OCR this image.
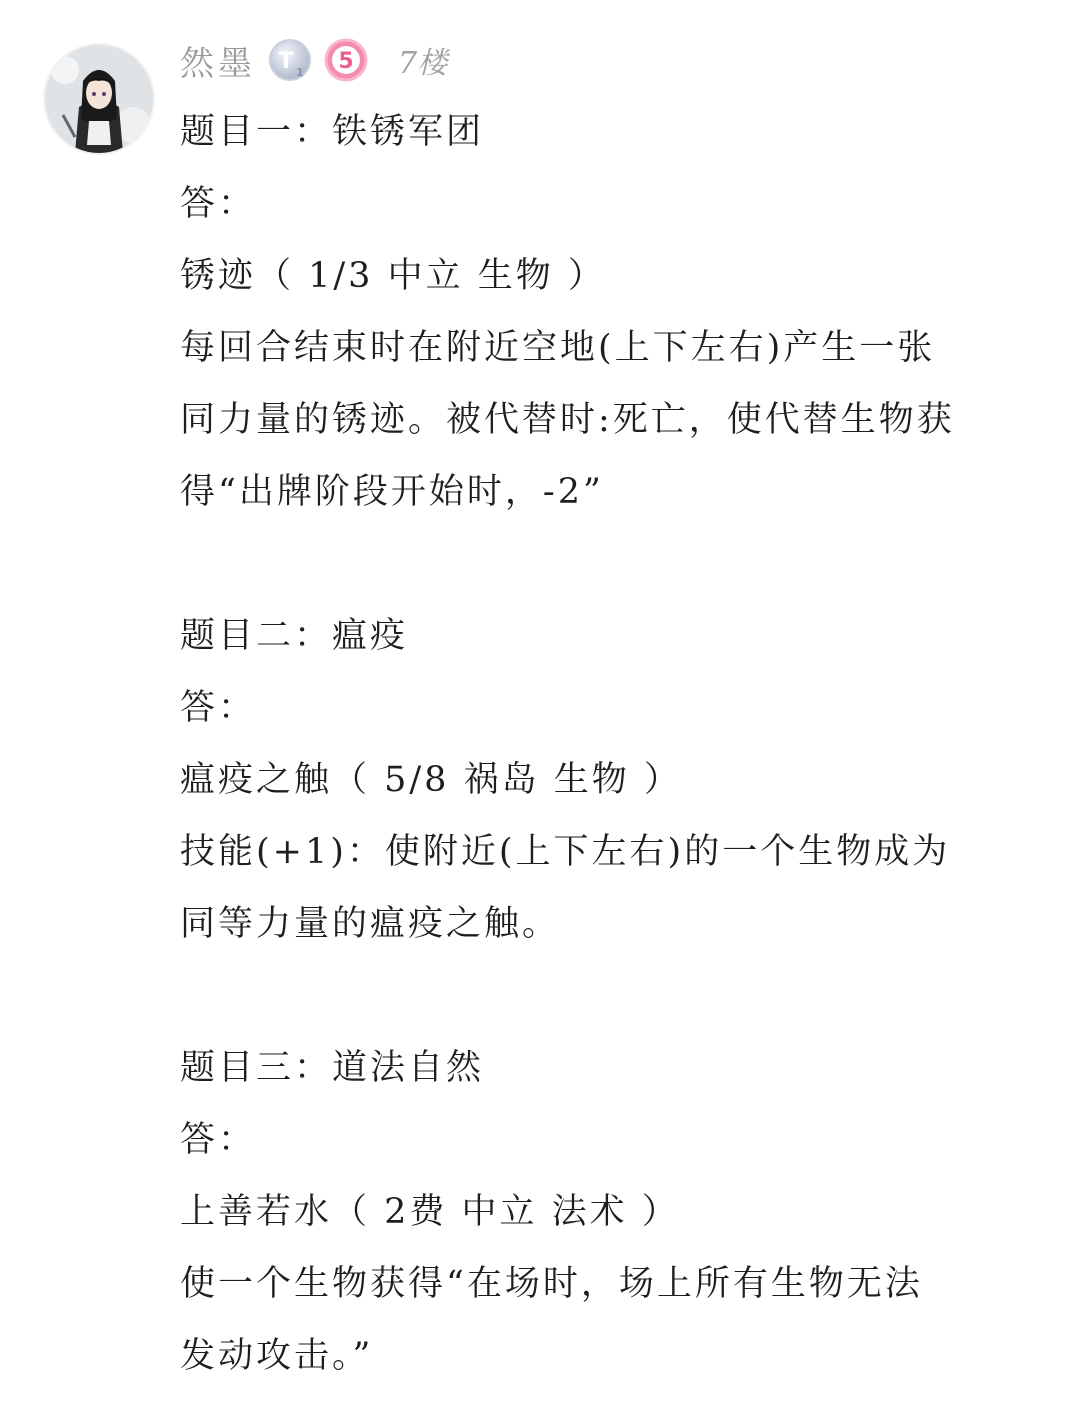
然墨 T 1 5 7楼
题目一：铁锈军团
答：
锈迹（ 1/3 中立 生物 ）
每回合结束时在附近空地(上下左右)产生一张
同力量的锈迹。被代替时:死亡，使代替生物获
得“出牌阶段开始时，-2”
题目二：瘟疫
答：
瘟疫之触（ 5/8 祸岛 生物 ）
技能(+1)：使附近(上下左右)的一个生物成为
同等力量的瘟疫之触。
题目三：道法自然
答：
上善若水（ 2费 中立 法术 ）
使一个生物获得“在场时，场上所有生物无法
发动攻击。”
